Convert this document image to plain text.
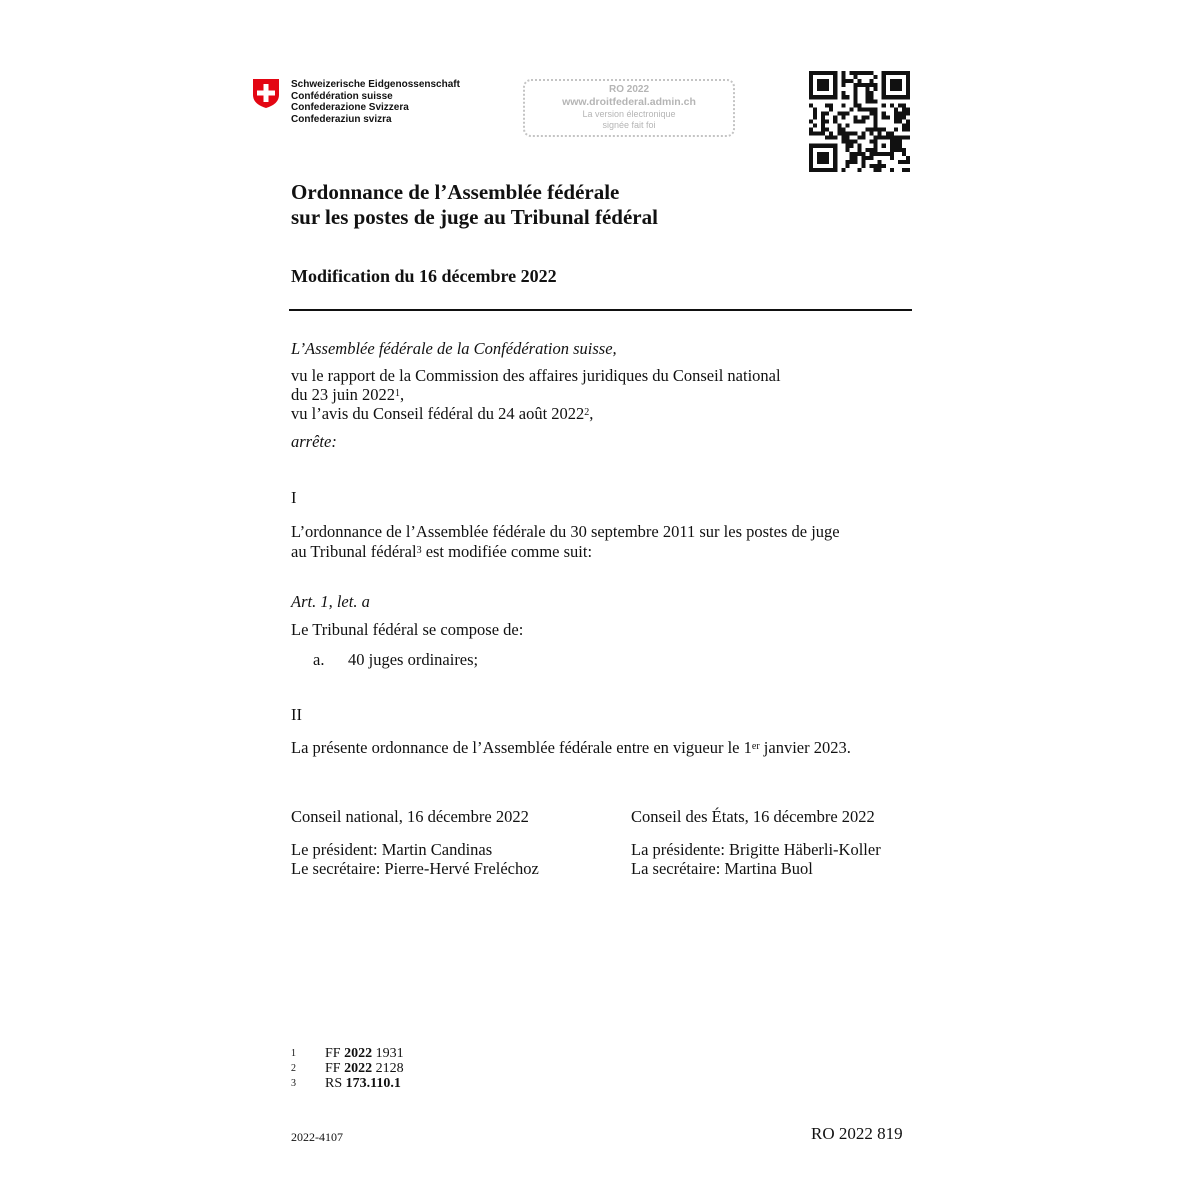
Schweizerische Eidgenossenschaft
Confédération suisse
Confederazione Svizzera
Confederaziun svizra
RO 2022
www.droitfederal.admin.ch
La version électronique
signée fait foi
Ordonnance de l’Assemblée fédérale
sur les postes de juge au Tribunal fédéral
Modification du 16 décembre 2022
L’Assemblée fédérale de la Confédération suisse,
vu le rapport de la Commission des affaires juridiques du Conseil national
du 23 juin 2022$^1$,
vu l’avis du Conseil fédéral du 24 août 2022$^2$,
arrête:
I
L’ordonnance de l’Assemblée fédérale du 30 septembre 2011 sur les postes de juge
au Tribunal fédéral$^3$ est modifiée comme suit:
Art. 1, let. a
Le Tribunal fédéral se compose de:
a. 40 juges ordinaires;
II
La présente ordonnance de l’Assemblée fédérale entre en vigueur le 1er janvier 2023.
Conseil national, 16 décembre 2022
Le président: Martin Candinas
Le secrétaire: Pierre-Hervé Freléchoz
Conseil des États, 16 décembre 2022
La présidente: Brigitte Häberli-Koller
La secrétaire: Martina Buol
1	FF 2022 1931
2	FF 2022 2128
3	RS 173.110.1
2022-4107	RO 2022 819
